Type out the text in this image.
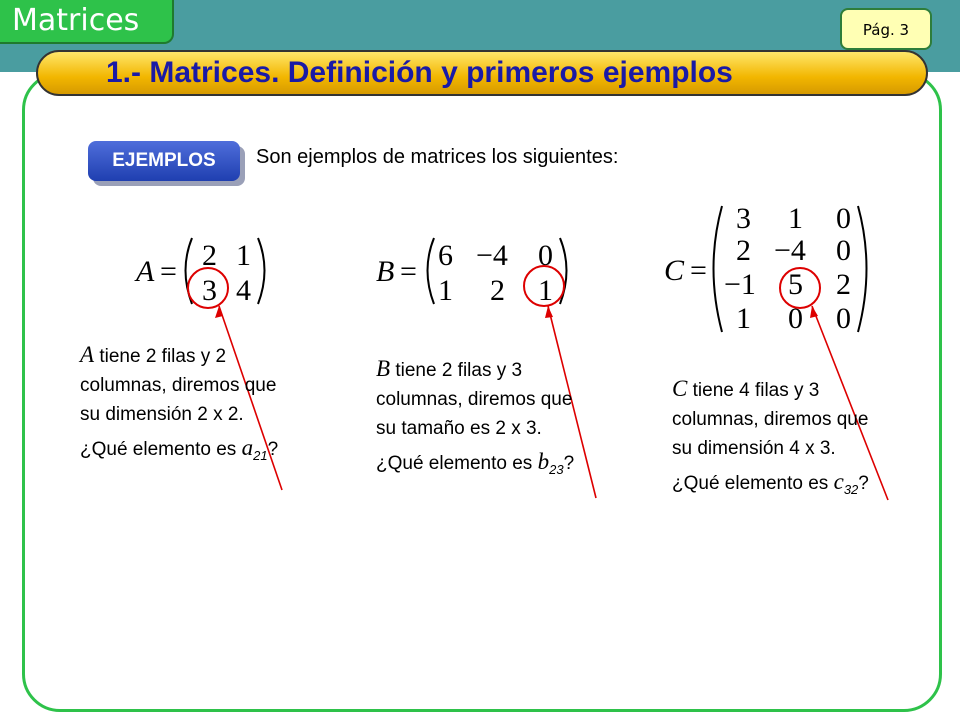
Matrices	Pág. 3
1.- Matrices. Definición y primeros ejemplos
EJEMPLOS	Son ejemplos de matrices los siguientes:
A = 2 1
3 4
B = 6 −4 0
1 2 1
C =
3 1 0
2 −4 0
−1 5 2
1 0 0
A tiene 2 filas y 2
columnas, diremos que
su dimensión 2 x 2.
¿Qué elemento es $a_{21}$?
B tiene 2 filas y 3
columnas, diremos que
su tamaño es 2 x 3.
¿Qué elemento es $b_{23}$?
C tiene 4 filas y 3
columnas, diremos que
su dimensión 4 x 3.
¿Qué elemento es $c_{32}$?
